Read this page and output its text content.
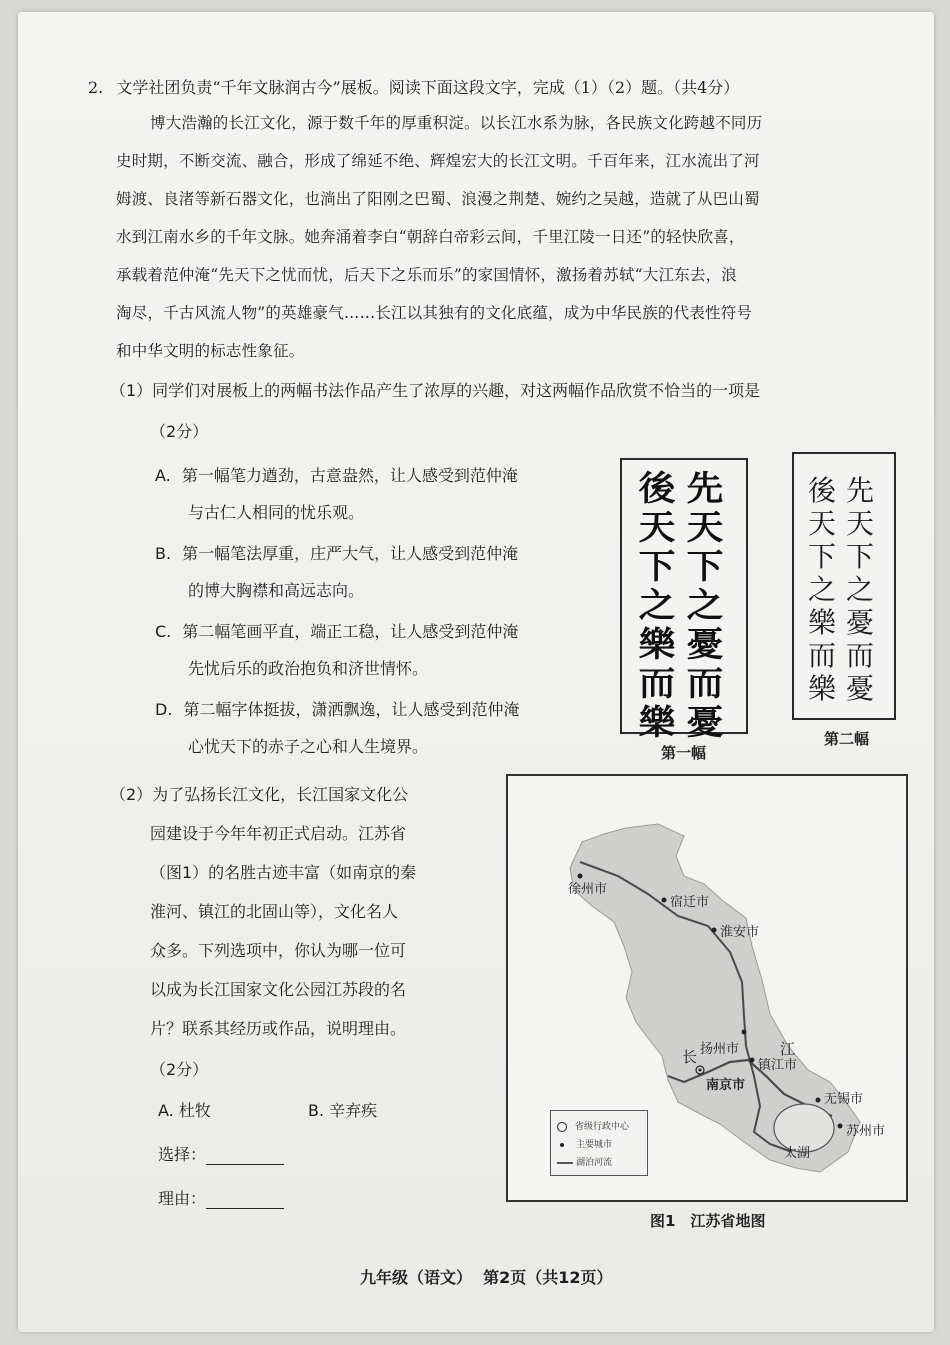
2. 文学社团负责“千年文脉润古今”展板。阅读下面这段文字，完成（1）（2）题。（共4分）
博大浩瀚的长江文化，源于数千年的厚重积淀。以长江水系为脉，各民族文化跨越不同历
史时期，不断交流、融合，形成了绵延不绝、辉煌宏大的长江文明。千百年来，江水流出了河
姆渡、良渚等新石器文化，也淌出了阳刚之巴蜀、浪漫之荆楚、婉约之吴越，造就了从巴山蜀
水到江南水乡的千年文脉。她奔涌着李白“朝辞白帝彩云间，千里江陵一日还”的轻快欣喜，
承载着范仲淹“先天下之忧而忧，后天下之乐而乐”的家国情怀，激扬着苏轼“大江东去，浪
淘尽，千古风流人物”的英雄豪气……长江以其独有的文化底蕴，成为中华民族的代表性符号
和中华文明的标志性象征。
（1）同学们对展板上的两幅书法作品产生了浓厚的兴趣，对这两幅作品欣赏不恰当的一项是
（2分）
A. 第一幅笔力遒劲，古意盎然，让人感受到范仲淹
与古仁人相同的忧乐观。
B. 第一幅笔法厚重，庄严大气，让人感受到范仲淹
的博大胸襟和高远志向。
C. 第二幅笔画平直，端正工稳，让人感受到范仲淹
先忧后乐的政治抱负和济世情怀。
D. 第二幅字体挺拔，潇洒飘逸，让人感受到范仲淹
心忧天下的赤子之心和人生境界。
先
天
下
之
憂
而
憂
後
天
下
之
樂
而
樂
第一幅
先
天
下
之
憂
而
憂
後
天
下
之
樂
而
樂
第二幅
（2）为了弘扬长江文化，长江国家文化公
园建设于今年年初正式启动。江苏省
（图1）的名胜古迹丰富（如南京的秦
淮河、镇江的北固山等），文化名人
众多。下列选项中，你认为哪一位可
以成为长江国家文化公园江苏段的名
片？联系其经历或作品，说明理由。
（2分）
A. 杜牧	B. 辛弃疾
选择：
理由：
徐州市
宿迁市
淮安市
扬州市	江
镇江市
长
南京市
无锡市
苏州市
太湖
省级行政中心
主要城市
湖泊河流
图1　江苏省地图
九年级（语文）  第2页（共12页）
